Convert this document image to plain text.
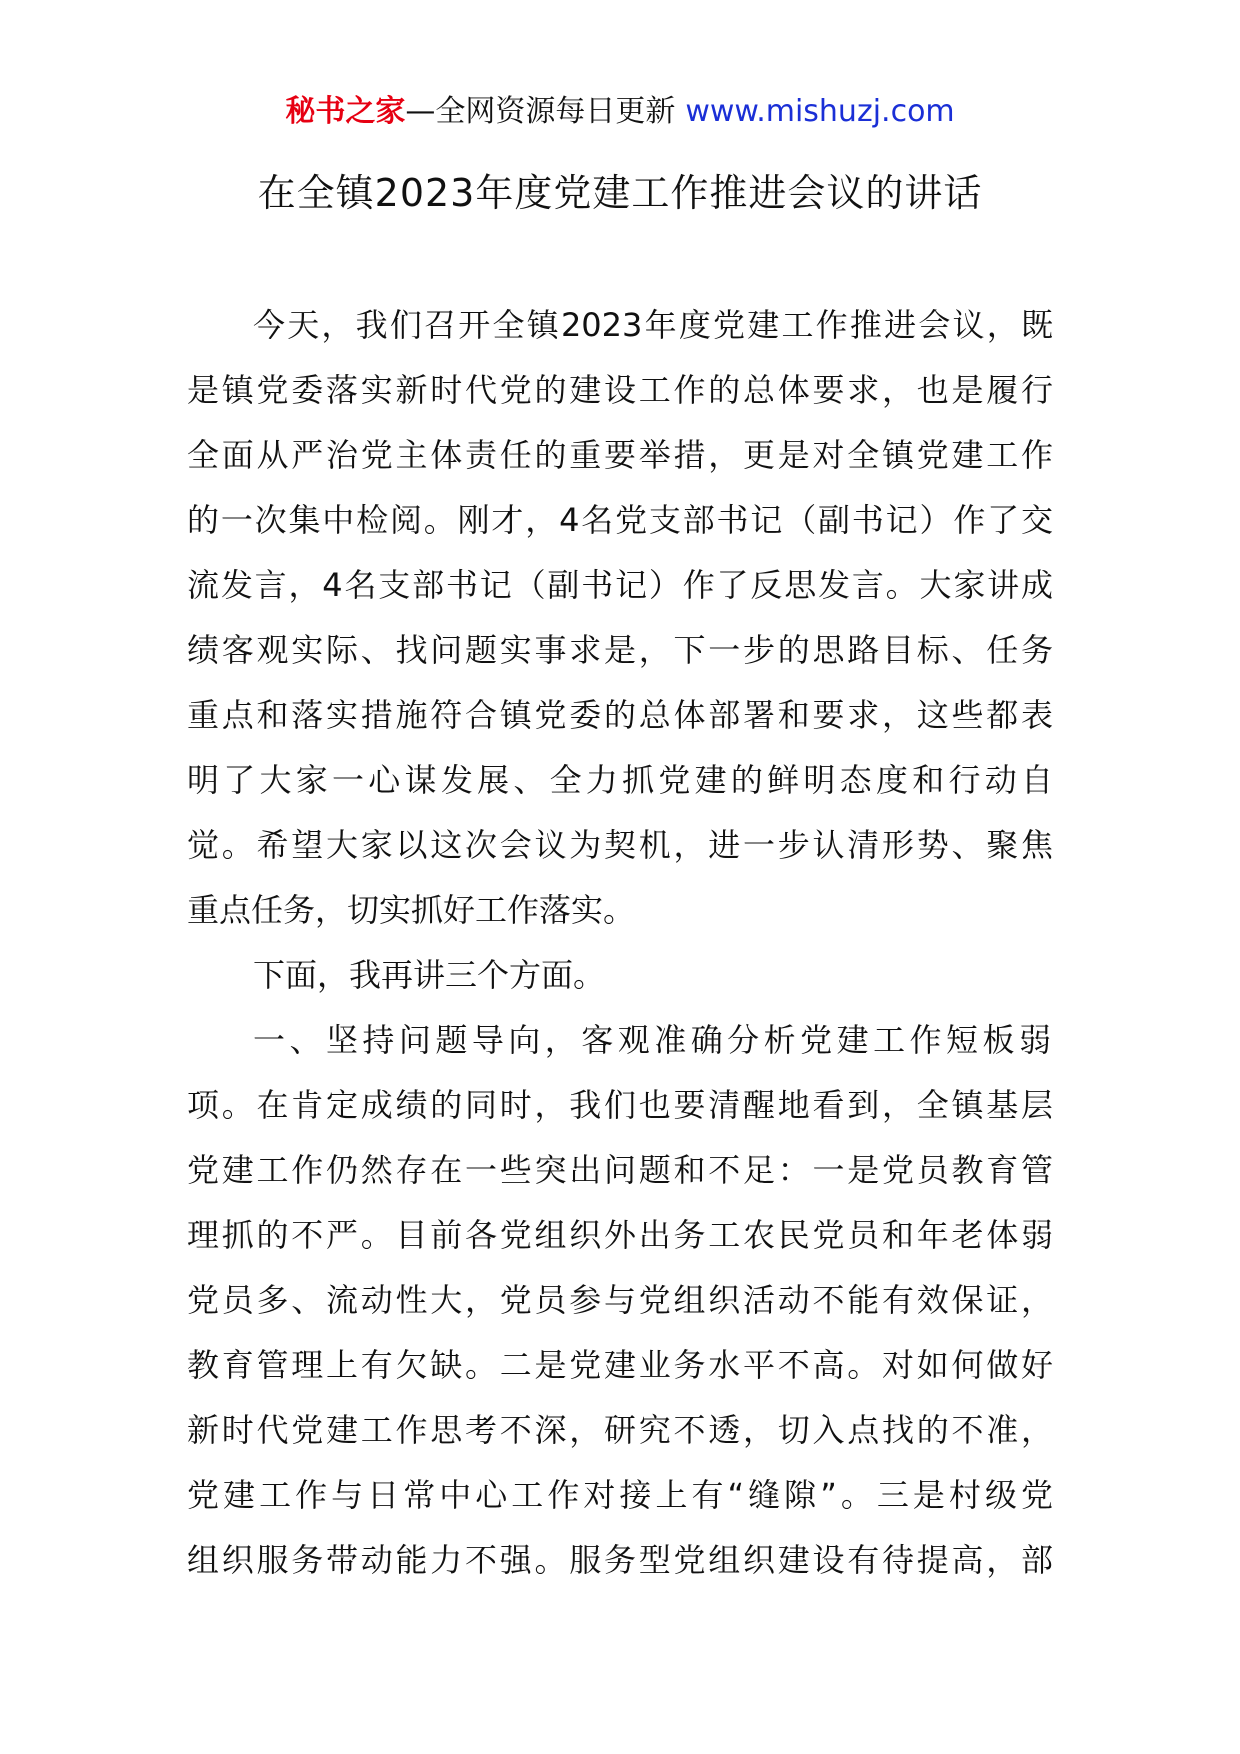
秘书之家—全网资源每日更新 www.mishuzj.com
在全镇2023年度党建工作推进会议的讲话
今天，我们召开全镇2023年度党建工作推进会议，既
是镇党委落实新时代党的建设工作的总体要求，也是履行
全面从严治党主体责任的重要举措，更是对全镇党建工作
的一次集中检阅。刚才，4名党支部书记（副书记）作了交
流发言，4名支部书记（副书记）作了反思发言。大家讲成
绩客观实际、找问题实事求是，下一步的思路目标、任务
重点和落实措施符合镇党委的总体部署和要求，这些都表
明了大家一心谋发展、全力抓党建的鲜明态度和行动自
觉。希望大家以这次会议为契机，进一步认清形势、聚焦
重点任务，切实抓好工作落实。
下面，我再讲三个方面。
一、坚持问题导向，客观准确分析党建工作短板弱
项。在肯定成绩的同时，我们也要清醒地看到，全镇基层
党建工作仍然存在一些突出问题和不足：一是党员教育管
理抓的不严。目前各党组织外出务工农民党员和年老体弱
党员多、流动性大，党员参与党组织活动不能有效保证，
教育管理上有欠缺。二是党建业务水平不高。对如何做好
新时代党建工作思考不深，研究不透，切入点找的不准，
党建工作与日常中心工作对接上有“缝隙”。三是村级党
组织服务带动能力不强。服务型党组织建设有待提高，部
